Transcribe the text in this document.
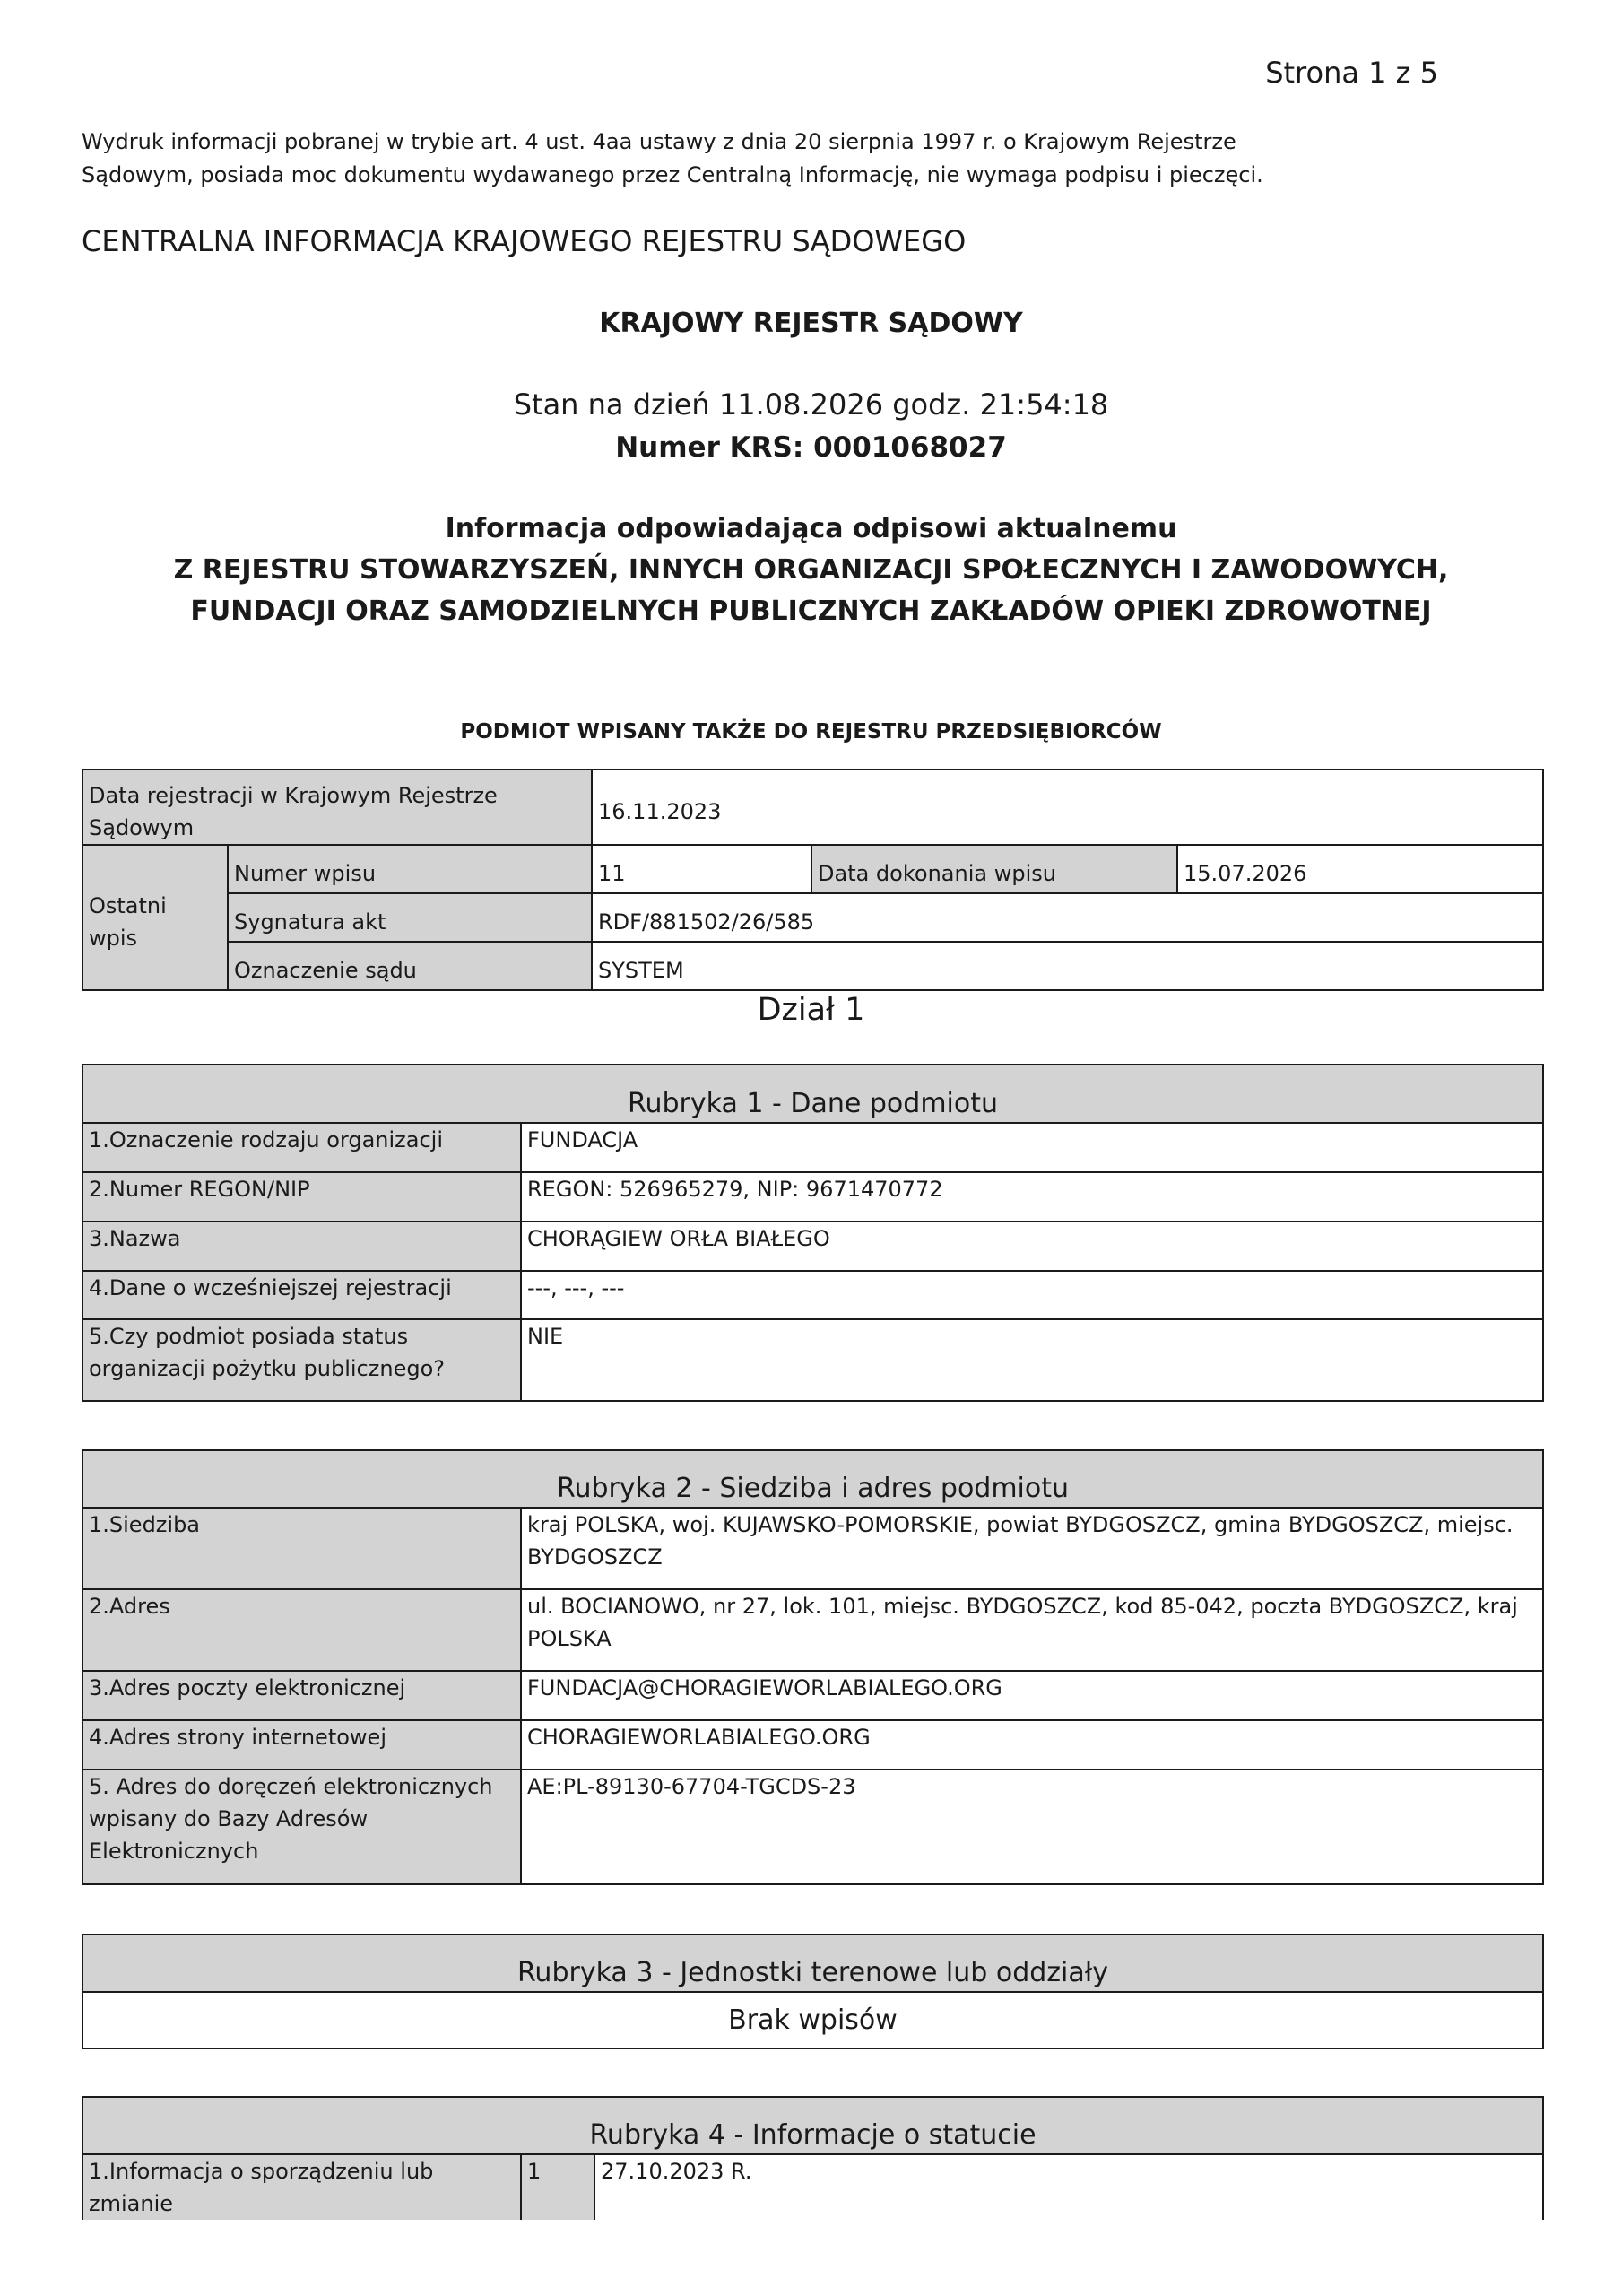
Strona 1 z 5
Wydruk informacji pobranej w trybie art. 4 ust. 4aa ustawy z dnia 20 sierpnia 1997 r. o Krajowym Rejestrze Sądowym, posiada moc dokumentu wydawanego przez Centralną Informację, nie wymaga podpisu i pieczęci.
CENTRALNA INFORMACJA KRAJOWEGO REJESTRU SĄDOWEGO
KRAJOWY REJESTR SĄDOWY
Stan na dzień 11.08.2026 godz. 21:54:18
Numer KRS: 0001068027
Informacja odpowiadająca odpisowi aktualnemu
Z REJESTRU STOWARZYSZEŃ, INNYCH ORGANIZACJI SPOŁECZNYCH I ZAWODOWYCH,
FUNDACJI ORAZ SAMODZIELNYCH PUBLICZNYCH ZAKŁADÓW OPIEKI ZDROWOTNEJ
PODMIOT WPISANY TAKŻE DO REJESTRU PRZEDSIĘBIORCÓW
Data rejestracji w Krajowym Rejestrze Sądowym		16.11.2023		
Ostatni wpis	Numer wpisu	11	Data dokonania wpisu	15.07.2026
	Sygnatura akt	RDF/881502/26/585		
	Oznaczenie sądu	SYSTEM		
Dział 1
Rubryka 1 - Dane podmiotu	
1.Oznaczenie rodzaju organizacji	FUNDACJA
2.Numer REGON/NIP	REGON: 526965279, NIP: 9671470772
3.Nazwa	CHORĄGIEW ORŁA BIAŁEGO
4.Dane o wcześniejszej rejestracji	---, ---, ---
5.Czy podmiot posiada status organizacji pożytku publicznego?	NIE
Rubryka 2 - Siedziba i adres podmiotu	
1.Siedziba	kraj POLSKA, woj. KUJAWSKO-POMORSKIE, powiat BYDGOSZCZ, gmina BYDGOSZCZ, miejsc. BYDGOSZCZ
2.Adres	ul. BOCIANOWO, nr 27, lok. 101, miejsc. BYDGOSZCZ, kod 85-042, poczta BYDGOSZCZ, kraj POLSKA
3.Adres poczty elektronicznej	FUNDACJA@CHORAGIEWORLABIALEGO.ORG
4.Adres strony internetowej	CHORAGIEWORLABIALEGO.ORG
5. Adres do doręczeń elektronicznych wpisany do Bazy Adresów Elektronicznych	AE:PL-89130-67704-TGCDS-23
Rubryka 3 - Jednostki terenowe lub oddziały
Brak wpisów
Rubryka 4 - Informacje o statucie
1.Informacja o sporządzeniu lub zmianie	1	27.10.2023 R.
